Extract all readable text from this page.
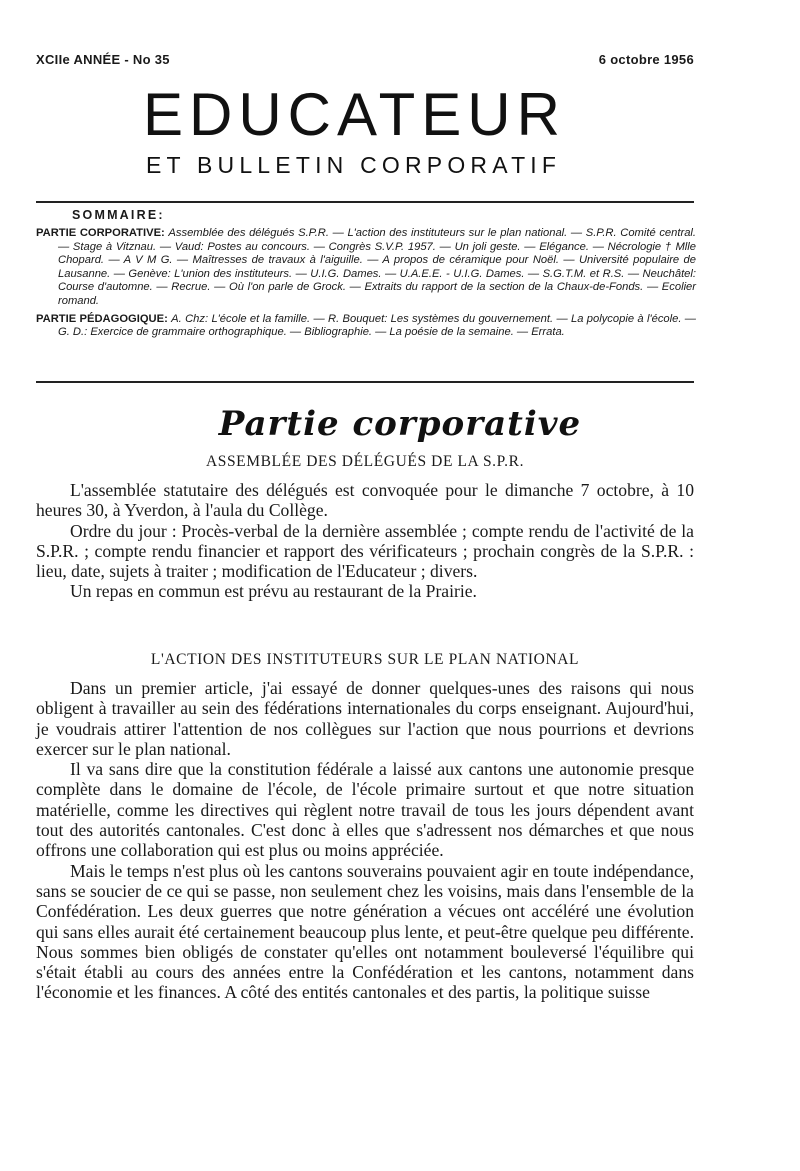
XCIIe ANNÉE - No 35	6 octobre 1956
EDUCATEUR
ET BULLETIN CORPORATIF
SOMMAIRE:
PARTIE CORPORATIVE: Assemblée des délégués S.P.R. — L'action des instituteurs sur le plan national. — S.P.R. Comité central. — Stage à Vitznau. — Vaud: Postes au concours. — Congrès S.V.P. 1957. — Un joli geste. — Elégance. — Nécrologie † Mlle Chopard. — A V M G. — Maîtresses de travaux à l'aiguille. — A propos de céramique pour Noël. — Université populaire de Lausanne. — Genève: L'union des instituteurs. — U.I.G. Dames. — U.A.E.E. - U.I.G. Dames. — S.G.T.M. et R.S. — Neuchâtel: Course d'automne. — Recrue. — Où l'on parle de Grock. — Extraits du rapport de la section de la Chaux-de-Fonds. — Ecolier romand.
PARTIE PÉDAGOGIQUE: A. Chz: L'école et la famille. — R. Bouquet: Les systèmes du gouvernement. — La polycopie à l'école. — G. D.: Exercice de grammaire orthographique. — Bibliographie. — La poésie de la semaine. — Errata.
Partie corporative
ASSEMBLÉE DES DÉLÉGUÉS DE LA S.P.R.

L'assemblée statutaire des délégués est convoquée pour le dimanche 7 octobre, à 10 heures 30, à Yverdon, à l'aula du Collège.

Ordre du jour : Procès-verbal de la dernière assemblée ; compte rendu de l'activité de la S.P.R. ; compte rendu financier et rapport des vérificateurs ; prochain congrès de la S.P.R. : lieu, date, sujets à traiter ; modification de l'Educateur ; divers.

Un repas en commun est prévu au restaurant de la Prairie.

L'ACTION DES INSTITUTEURS SUR LE PLAN NATIONAL

Dans un premier article, j'ai essayé de donner quelques-unes des raisons qui nous obligent à travailler au sein des fédérations internationales du corps enseignant. Aujourd'hui, je voudrais attirer l'attention de nos collègues sur l'action que nous pourrions et devrions exercer sur le plan national.

Il va sans dire que la constitution fédérale a laissé aux cantons une autonomie presque complète dans le domaine de l'école, de l'école primaire surtout et que notre situation matérielle, comme les directives qui règlent notre travail de tous les jours dépendent avant tout des autorités cantonales. C'est donc à elles que s'adressent nos démarches et que nous offrons une collaboration qui est plus ou moins appréciée.

Mais le temps n'est plus où les cantons souverains pouvaient agir en toute indépendance, sans se soucier de ce qui se passe, non seulement chez les voisins, mais dans l'ensemble de la Confédération. Les deux guerres que notre génération a vécues ont accéléré une évolution qui sans elles aurait été certainement beaucoup plus lente, et peut-être quelque peu différente. Nous sommes bien obligés de constater qu'elles ont notamment bouleversé l'équilibre qui s'était établi au cours des années entre la Confédération et les cantons, notamment dans l'économie et les finances. A côté des entités cantonales et des partis, la politique suisse
